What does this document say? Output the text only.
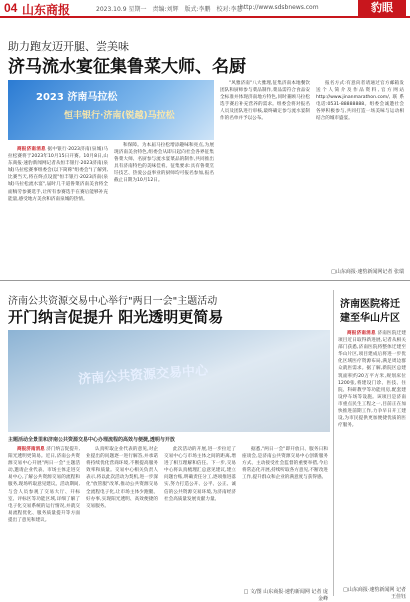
04 山东商报	2023.10.9 星期一　责编:刘辉　版式:李鹏　校对:李慧
http://www.sdsbnews.com	豹眼
助力跑友迈开腿、尝美味
济马流水宴征集鲁菜大师、名厨
2023 济南马拉松
恒丰银行·济南(锐越)马拉松

商报济南消息 据中银行·2023济南(泉城)马拉松赛将于2023年10月15日开赛。10月8日,山东商报·速豹新闻网记者从恒丰银行·2023济南(泉城)马拉松赛事组委会(以下简称"组委会")了解到,比赛当天,将在终点设置"恒丰银行·2023济南(泉城)马拉松流水宴",届时几千道鲁菜济南美食将全面犒劳参赛选手,让所有参赛选手在赛后能够补充能量,感受地方美食和济南泉城的热情。

和保障。为本届马拉松增添趣味和亮点,为展现济南美食特色,组委会从即日起向社会各界征集鲁菜大师、名厨参与流水宴菜品的制作,共同推出具有济南特色的美味佳肴。征集要求:具有鲁菜烹饪技艺、热爱公益事业的厨师均可报名参加,报名截止日期为10月12日。

"风雅济南"八大雅理,征集济南本地餐饮团队和厨师参与菜品制作,菜品需符合食品安全标准并体现济南地方特色,同时兼顾马拉松选手赛后补充营养的需求。组委会将对报名人员及团队进行审核,最终确定参与流水宴制作的名单并予以公布。

报名方式:有意向者请通过官方邮箱发送个人简介及作品资料,官方网站http://www.jinanmarathon.com/,联系电话:0531-88888888。组委会诚邀社会各界积极参与,共同打造一场美味与运动相结合的城市盛宴。

□山东商报·速豹新闻网记者 张瑞
济南公共资源交易中心举行"两日一会"主题活动
开门纳言促提升 阳光透明更简易
济南公共资源交易中心
主题活动全景里和济南公共资源交易中心办理流程的高效与便捷,透明与开放

商报济南消息 济门纳言促提升,阳光透明更简易。近日,济南公共资源交易中心开展"两日一会"主题活动,邀请企业代表、市场主体走进交易中心,了解公共资源交易的流程和服务,现场听取意见建议。活动期间,与会人员参观了交易大厅、开标室、评标区等功能区域,详细了解了电子化交易系统的运行情况,并就交易流程优化、服务质量提升等方面提出了意见和建议。

认真听取企业代表的意见,对企业提出的问题逐一进行解答,并承诺将持续优化营商环境,不断提高服务效率和质量。交易中心相关负责人表示,将以此次活动为契机,进一步深化"放管服"改革,推动公共资源交易全流程电子化,让市场主体少跑腿、好办事,实现阳光透明、高效便捷的交易服务。

此次活动的开展,进一步拉近了交易中心与市场主体之间的距离,增进了相互理解和信任。下一步,交易中心将认真梳理汇总意见建议,建立问题台账,明确责任分工,逐项推进落实,努力打造公开、公平、公正、诚信的公共资源交易环境,为济南经济社会高质量发展贡献力量。

据悉,"两日一会"即开放日、服务日和座谈会,是济南公共资源交易中心创新服务方式、主动接受社会监督的重要举措,今后将常态化开展,持续听取各方意见,不断改进工作,提升群众和企业的满意度与获得感。

□ 文/图 山东商报·速豹新闻网 记者 庞金峰
济南医院将迁建至华山片区

商报济南消息 济南医院迁建项目近日取得新进展,记者从相关部门获悉,济南医院将整体迁建至华山片区,项目建成后将进一步优化区域医疗资源布局,满足周边群众就医需求。据了解,新院区总建筑面积约20万平方米,规划床位1200张,将建设门诊、医技、住院、科研教学等功能用房,配套建设停车场等设施。该项目是济南市重点民生工程之一,目前正在加快推进前期工作,力争早日开工建设,为市民提供更加便捷优质的医疗服务。

□山东商报·速豹新闻网 记者 王佳钰
